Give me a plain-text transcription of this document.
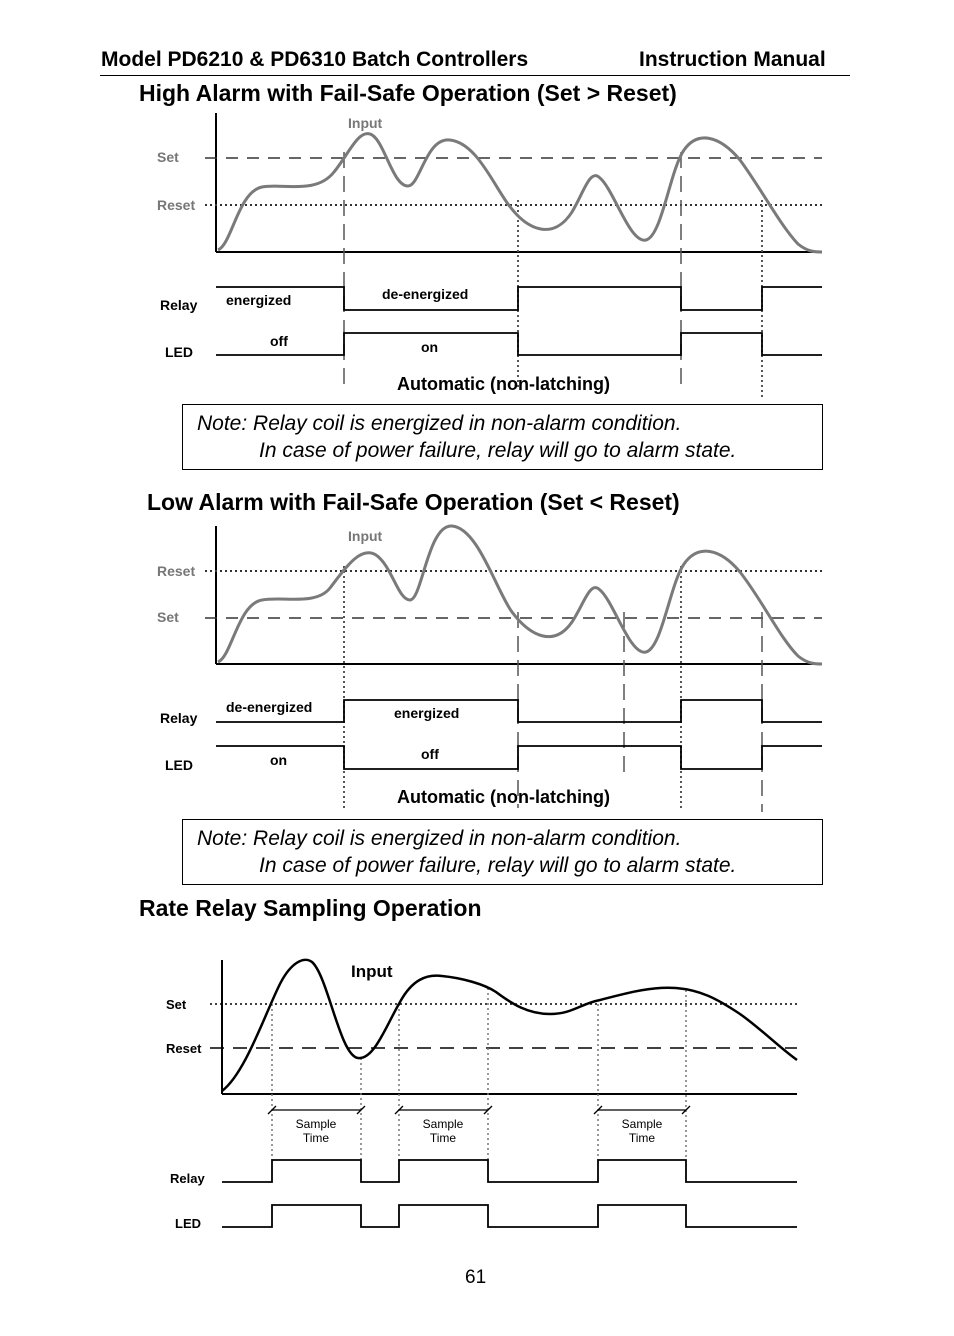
Model PD6210 & PD6310 Batch Controllers	Instruction Manual
High Alarm with Fail-Safe Operation (Set > Reset)
Input
Set
Reset
Relay
LED
energized	de-energized
off	on
Automatic (non-latching)
Note: Relay coil is energized in non-alarm condition.
In case of power failure, relay will go to alarm state.
Low Alarm with Fail-Safe Operation (Set < Reset)
Input
Reset
Set
Relay
LED
de-energized	energized
on	off
Automatic (non-latching)
Note: Relay coil is energized in non-alarm condition.
In case of power failure, relay will go to alarm state.
Rate Relay Sampling Operation
Input
Set
Reset
Relay
LED
Sample
Time
Sample
Time
Sample
Time
61
